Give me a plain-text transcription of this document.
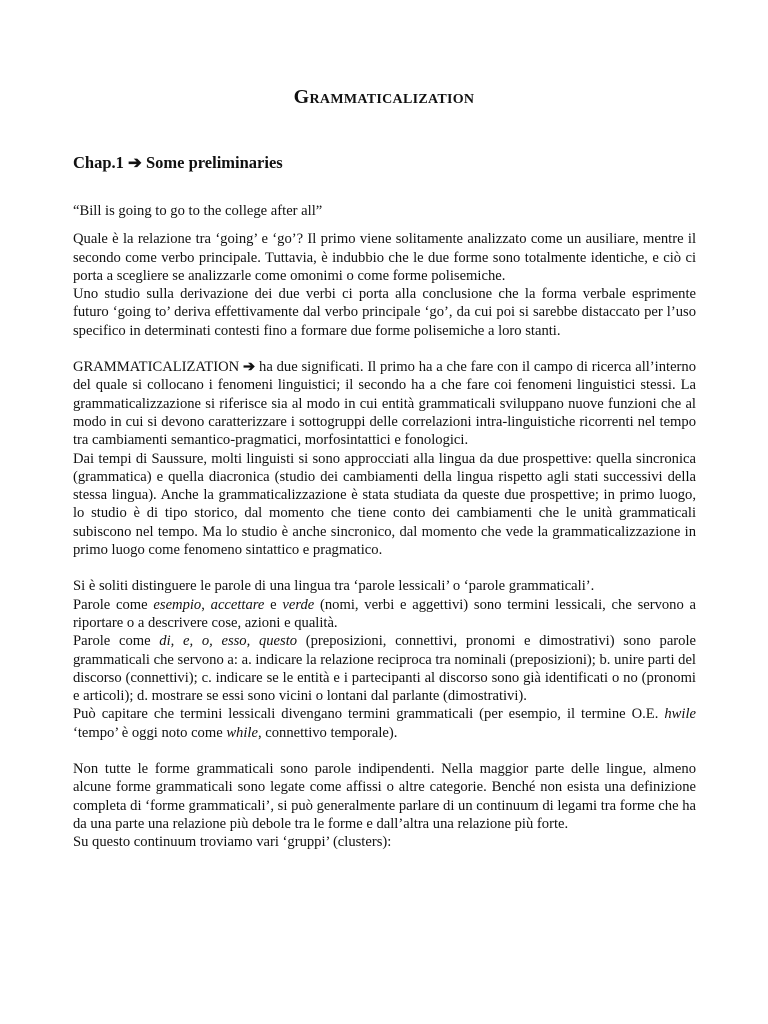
Grammaticalization
Chap.1 ➔ Some preliminaries

“Bill is going to go to the college after all”

Quale è la relazione tra ‘going’ e ‘go’? Il primo viene solitamente analizzato come un ausiliare, mentre il secondo come verbo principale. Tuttavia, è indubbio che le due forme sono totalmente identiche, e ciò ci porta a scegliere se analizzarle come omonimi o come forme polisemiche.

Uno studio sulla derivazione dei due verbi ci porta alla conclusione che la forma verbale esprimente futuro ‘going to’ deriva effettivamente dal verbo principale ‘go’, da cui poi si sarebbe distaccato per l’uso specifico in determinati contesti fino a formare due forme polisemiche a loro stanti.

GRAMMATICALIZATION ➔ ha due significati. Il primo ha a che fare con il campo di ricerca all’interno del quale si collocano i fenomeni linguistici; il secondo ha a che fare coi fenomeni linguistici stessi. La grammaticalizzazione si riferisce sia al modo in cui entità grammaticali sviluppano nuove funzioni che al modo in cui si devono caratterizzare i sottogruppi delle correlazioni intra-linguistiche ricorrenti nel tempo tra cambiamenti semantico-pragmatici, morfosintattici e fonologici.

Dai tempi di Saussure, molti linguisti si sono approcciati alla lingua da due prospettive: quella sincronica (grammatica) e quella diacronica (studio dei cambiamenti della lingua rispetto agli stati successivi della stessa lingua). Anche la grammaticalizzazione è stata studiata da queste due prospettive; in primo luogo, lo studio è di tipo storico, dal momento che tiene conto dei cambiamenti che le unità grammaticali subiscono nel tempo. Ma lo studio è anche sincronico, dal momento che vede la grammaticalizzazione in primo luogo come fenomeno sintattico e pragmatico.

Si è soliti distinguere le parole di una lingua tra ‘parole lessicali’ o ‘parole grammaticali’.

Parole come esempio, accettare e verde (nomi, verbi e aggettivi) sono termini lessicali, che servono a riportare o a descrivere cose, azioni e qualità.

Parole come di, e, o, esso, questo (preposizioni, connettivi, pronomi e dimostrativi) sono parole grammaticali che servono a: a. indicare la relazione reciproca tra nominali (preposizioni); b. unire parti del discorso (connettivi); c. indicare se le entità e i partecipanti al discorso sono già identificati o no (pronomi e articoli); d. mostrare se essi sono vicini o lontani dal parlante (dimostrativi).

Può capitare che termini lessicali divengano termini grammaticali (per esempio, il termine O.E. hwile ‘tempo’ è oggi noto come while, connettivo temporale).

Non tutte le forme grammaticali sono parole indipendenti. Nella maggior parte delle lingue, almeno alcune forme grammaticali sono legate come affissi o altre categorie. Benché non esista una definizione completa di ‘forme grammaticali’, si può generalmente parlare di un continuum di legami tra forme che ha da una parte una relazione più debole tra le forme e dall’altra una relazione più forte.

Su questo continuum troviamo vari ‘gruppi’ (clusters):
